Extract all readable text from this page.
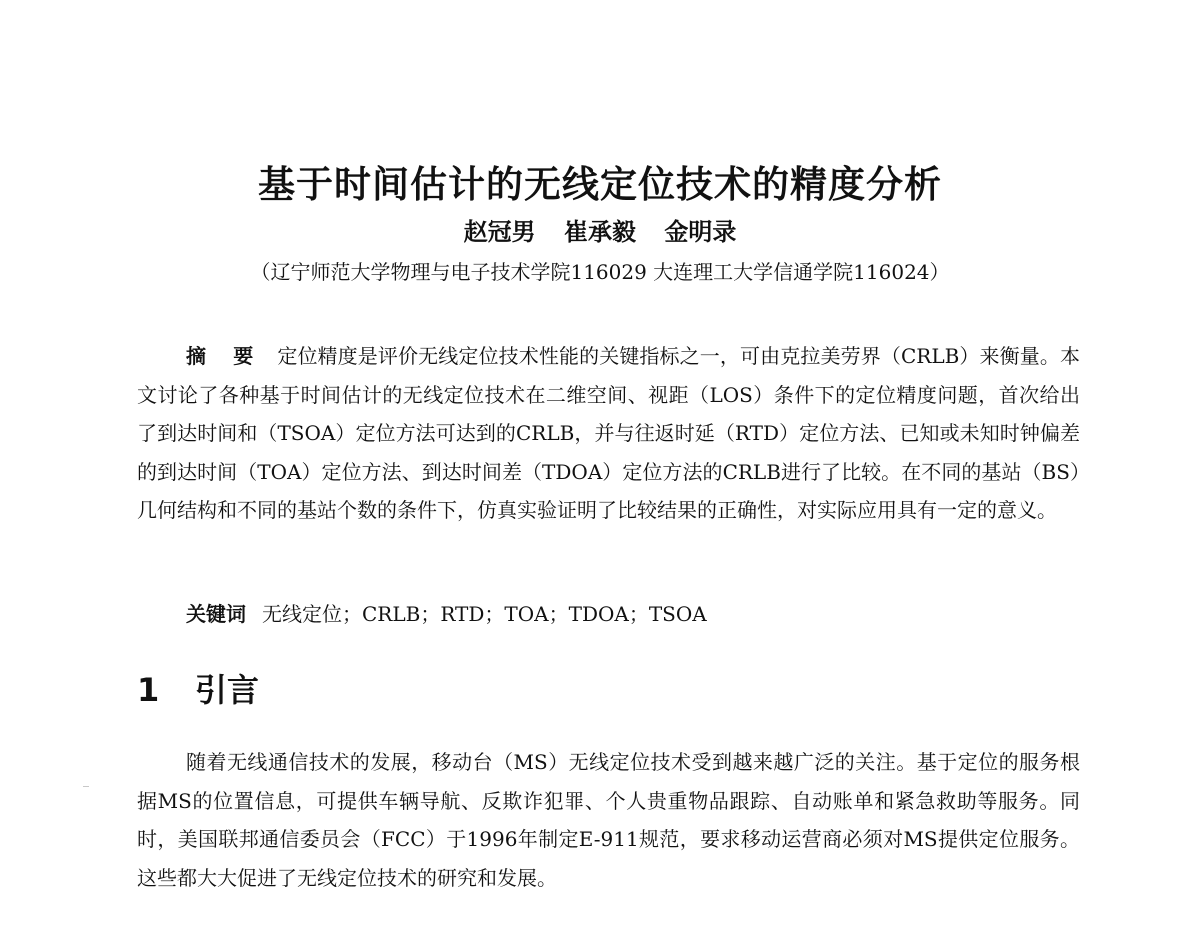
基于时间估计的无线定位技术的精度分析
赵冠男 崔承毅 金明录
（辽宁师范大学物理与电子技术学院116029 大连理工大学信通学院116024）
摘 要 定位精度是评价无线定位技术性能的关键指标之一，可由克拉美劳界（CRLB）来衡量。本文讨论了各种基于时间估计的无线定位技术在二维空间、视距（LOS）条件下的定位精度问题，首次给出了到达时间和（TSOA）定位方法可达到的CRLB，并与往返时延（RTD）定位方法、已知或未知时钟偏差的到达时间（TOA）定位方法、到达时间差（TDOA）定位方法的CRLB进行了比较。在不同的基站（BS）几何结构和不同的基站个数的条件下，仿真实验证明了比较结果的正确性，对实际应用具有一定的意义。
关键词 无线定位；CRLB；RTD；TOA；TDOA；TSOA
1 引言
随着无线通信技术的发展，移动台（MS）无线定位技术受到越来越广泛的关注。基于定位的服务根据MS的位置信息，可提供车辆导航、反欺诈犯罪、个人贵重物品跟踪、自动账单和紧急救助等服务。同时，美国联邦通信委员会（FCC）于1996年制定E-911规范，要求移动运营商必须对MS提供定位服务。这些都大大促进了无线定位技术的研究和发展。
